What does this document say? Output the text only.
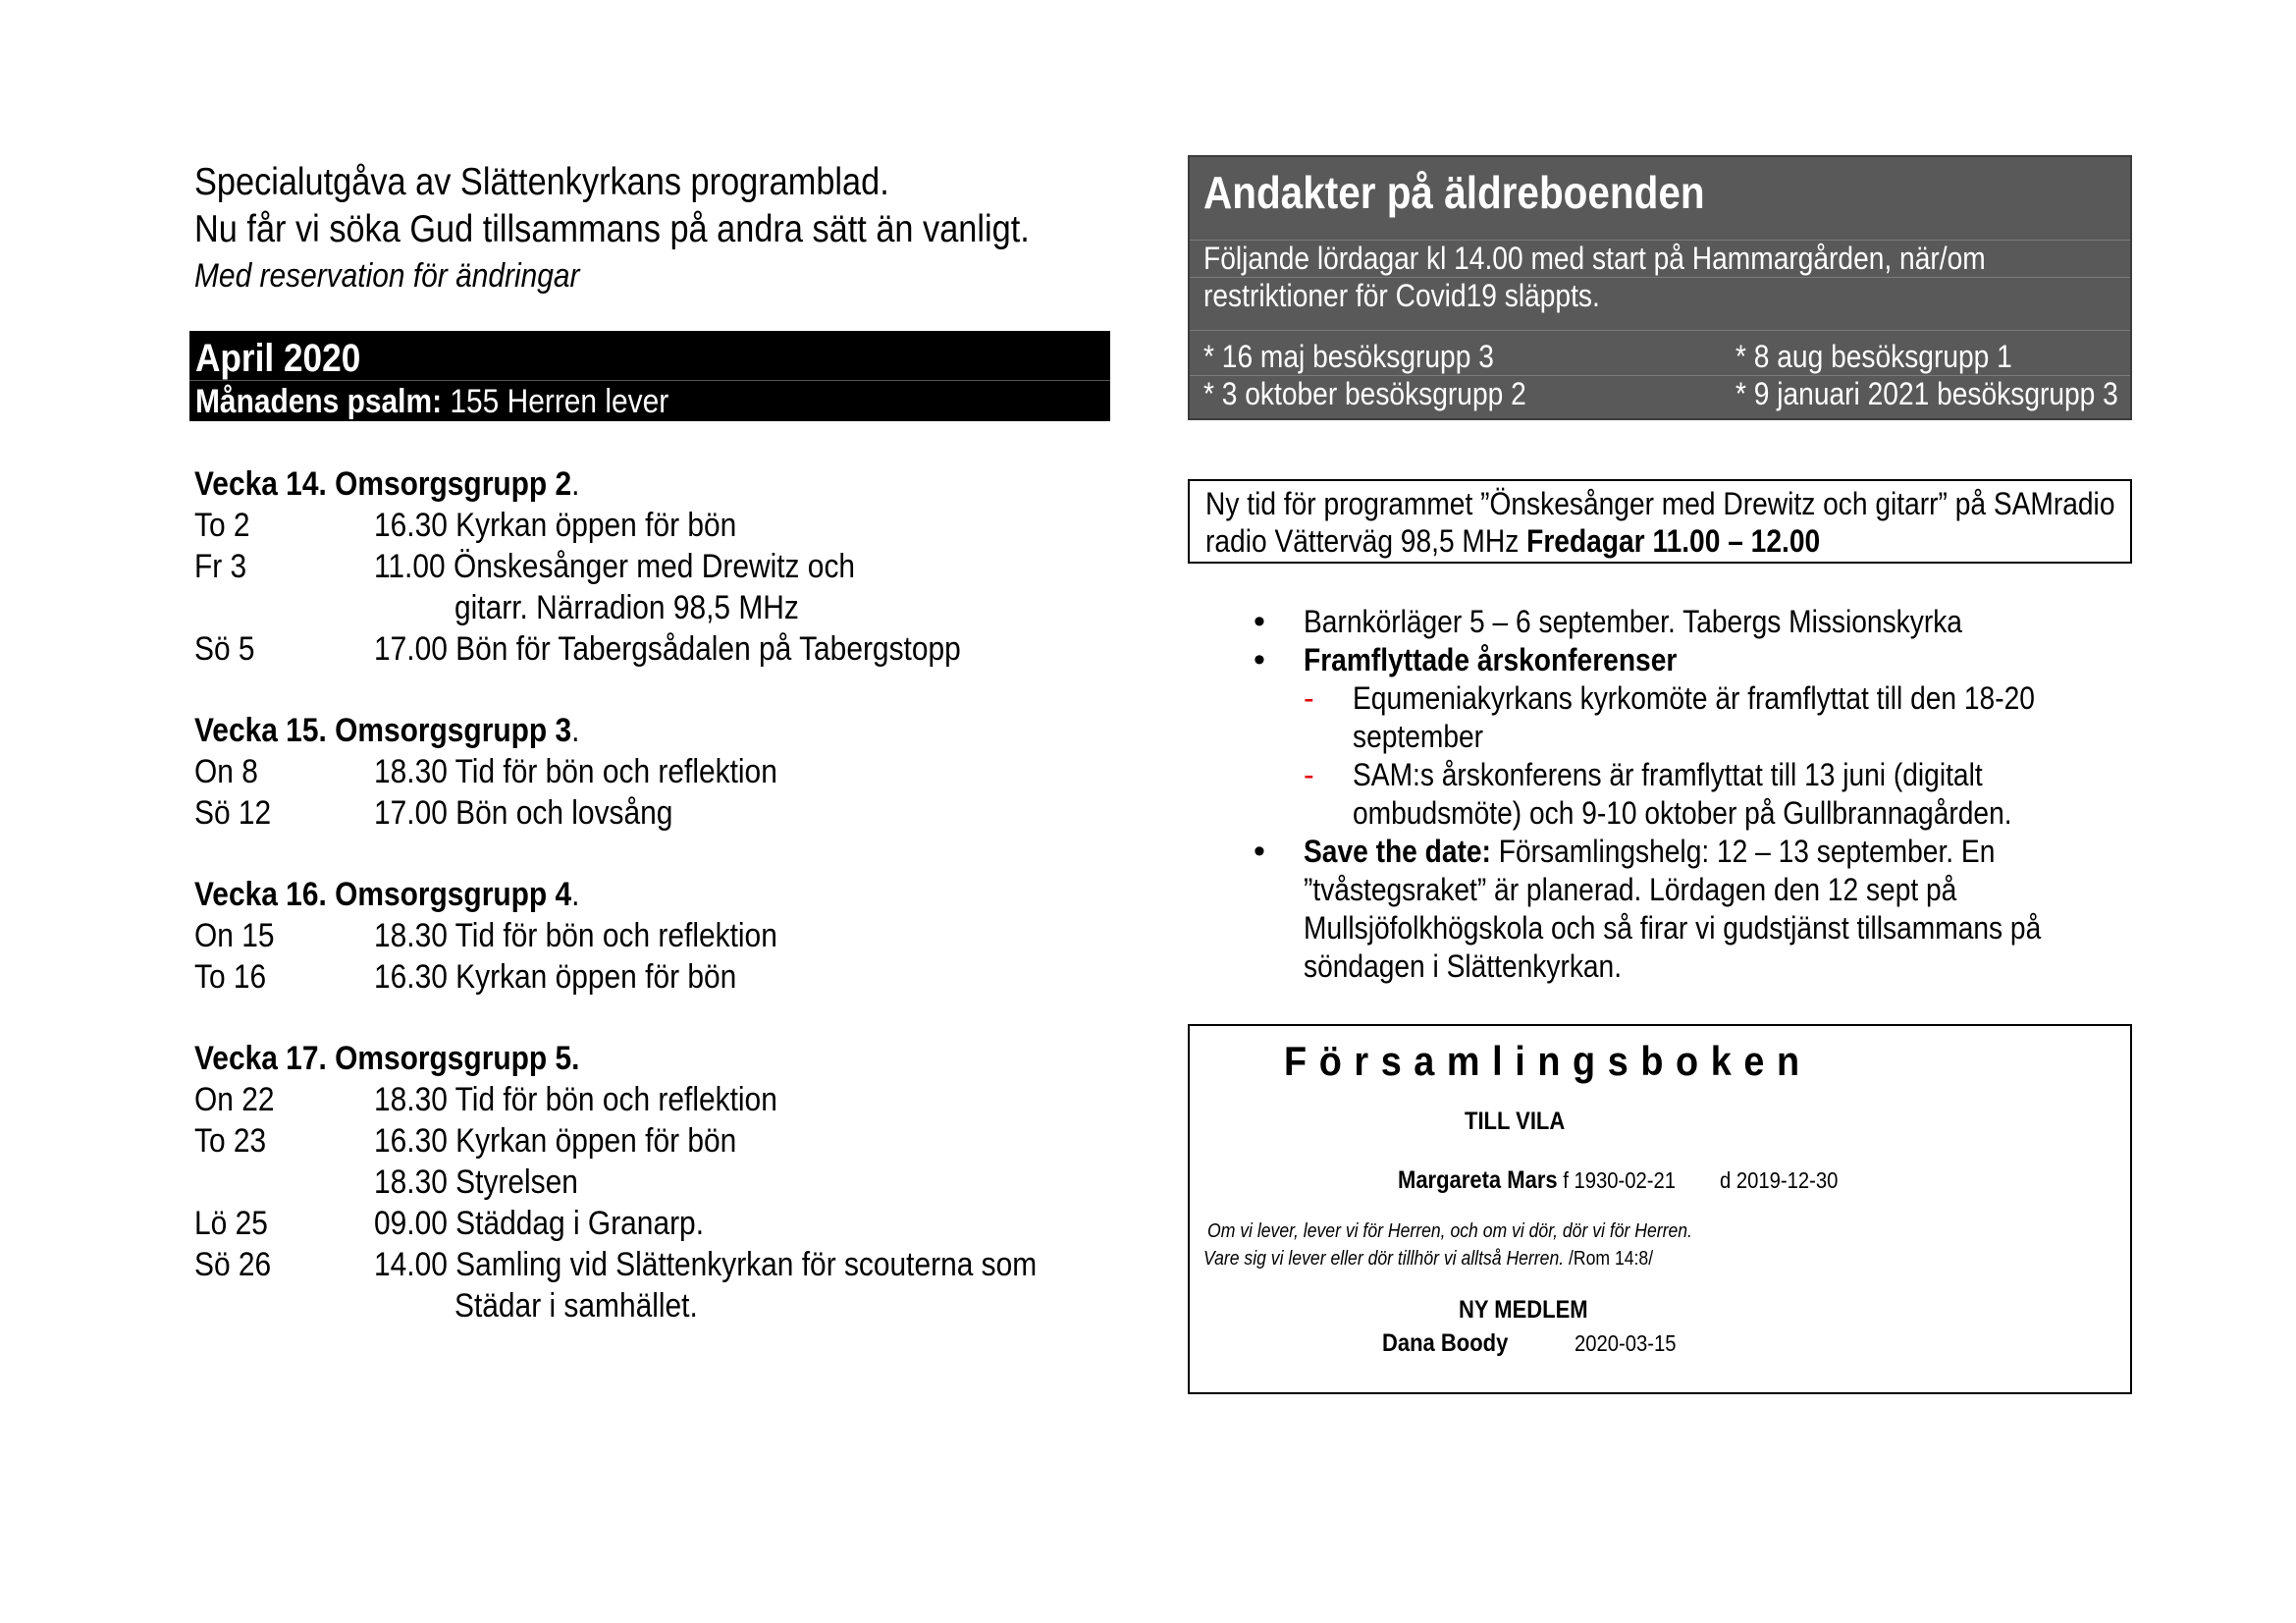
Specialutgåva av Slättenkyrkans programblad.
Nu får vi söka Gud tillsammans på andra sätt än vanligt.
Med reservation för ändringar
April 2020
Månadens psalm: 155 Herren lever
Vecka 14. Omsorgsgrupp 2.
To 2	16.30 Kyrkan öppen för bön
Fr 3	11.00 Önskesånger med Drewitz och
gitarr. Närradion 98,5 MHz
Sö 5	17.00 Bön för Tabergsådalen på Tabergstopp
Vecka 15. Omsorgsgrupp 3.
On 8	18.30 Tid för bön och reflektion
Sö 12	17.00 Bön och lovsång
Vecka 16. Omsorgsgrupp 4.
On 15	18.30 Tid för bön och reflektion
To 16	16.30 Kyrkan öppen för bön
Vecka 17. Omsorgsgrupp 5.
On 22	18.30 Tid för bön och reflektion
To 23	16.30 Kyrkan öppen för bön
18.30 Styrelsen
Lö 25	09.00 Städdag i Granarp.
Sö 26	14.00 Samling vid Slättenkyrkan för scouterna som
Städar i samhället.
Andakter på äldreboenden
Följande lördagar kl 14.00 med start på Hammargården, när/om
restriktioner för Covid19 släppts.
* 16 maj besöksgrupp 3	* 8 aug besöksgrupp 1
* 3 oktober besöksgrupp 2	* 9 januari 2021 besöksgrupp 3
Ny tid för programmet ”Önskesånger med Drewitz och gitarr” på SAMradio
radio Vätterväg 98,5 MHz Fredagar 11.00 – 12.00
• Barnkörläger 5 – 6 september. Tabergs Missionskyrka
• Framflyttade årskonferenser
- Equmeniakyrkans kyrkomöte är framflyttat till den 18-20
september
- SAM:s årskonferens är framflyttat till 13 juni (digitalt
ombudsmöte) och 9-10 oktober på Gullbrannagården.
• Save the date: Församlingshelg: 12 – 13 september. En
”tvåstegsraket” är planerad. Lördagen den 12 sept på
Mullsjöfolkhögskola och så firar vi gudstjänst tillsammans på
söndagen i Slättenkyrkan.
Församlingsboken
TILL VILA
Margareta Mars f 1930-02-21 d 2019-12-30
Om vi lever, lever vi för Herren, och om vi dör, dör vi för Herren.
Vare sig vi lever eller dör tillhör vi alltså Herren. /Rom 14:8/
NY MEDLEM
Dana Boody	2020-03-15
